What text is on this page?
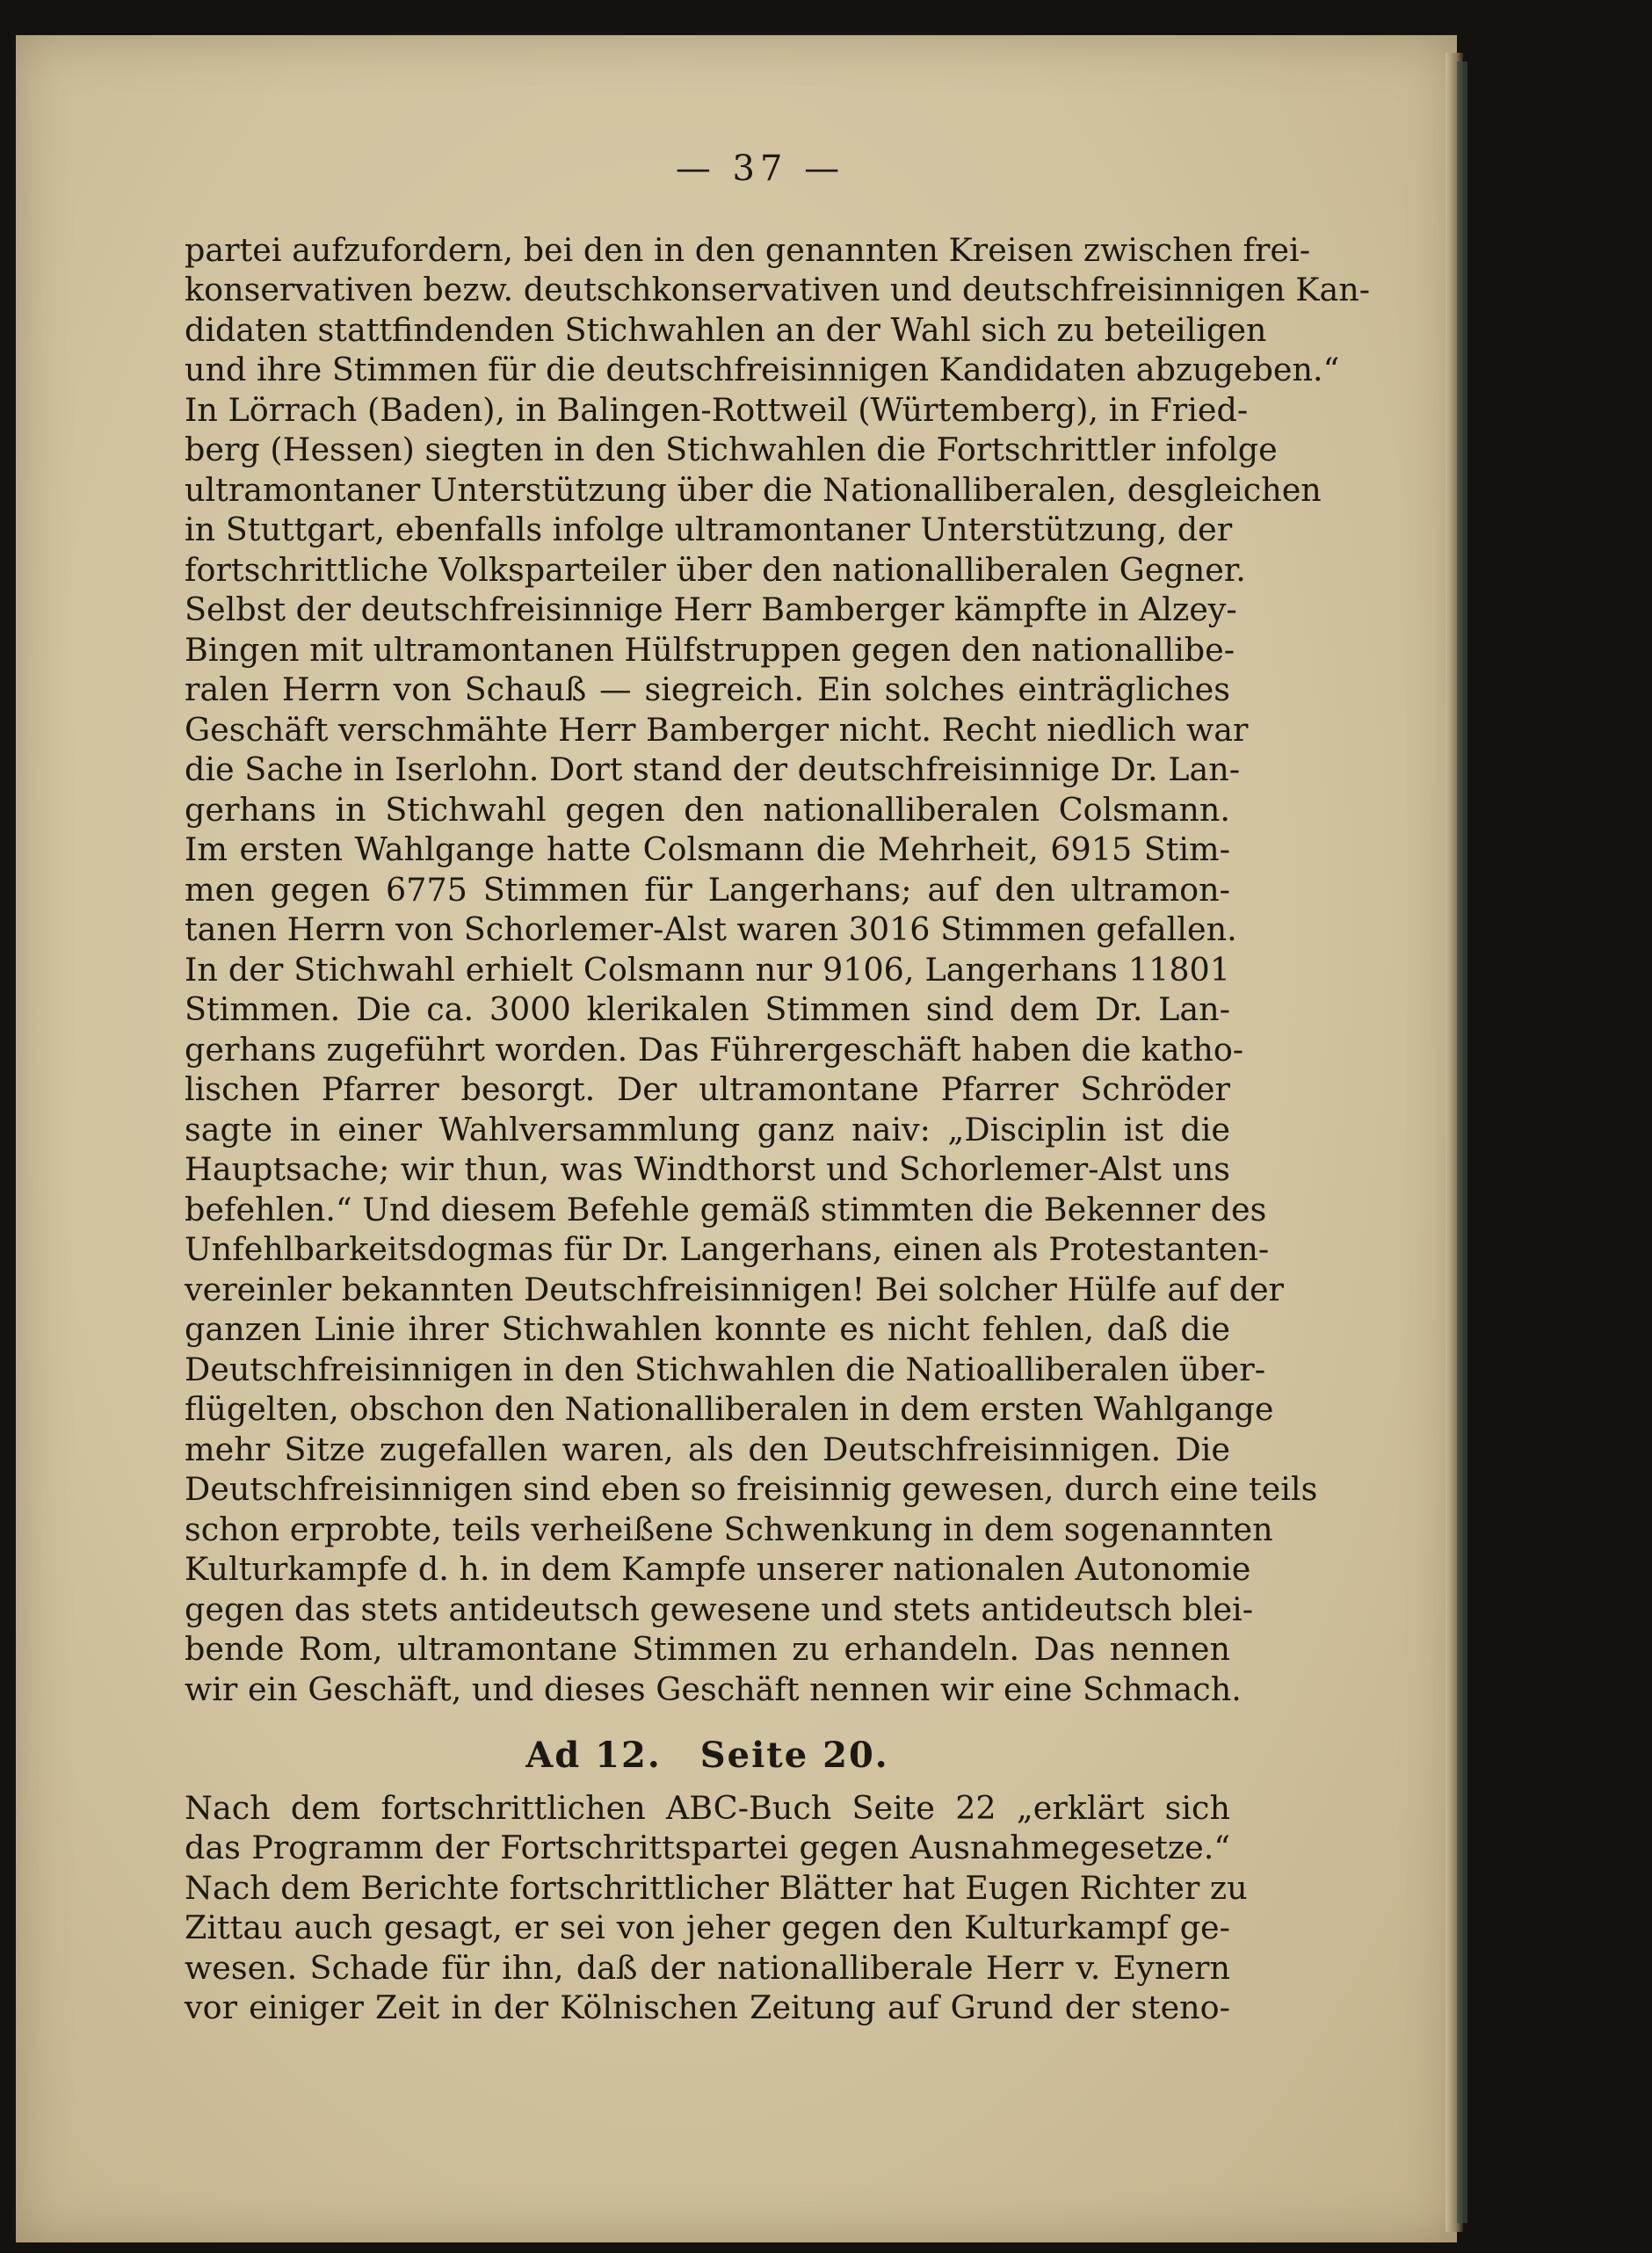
— 37 —
partei aufzufordern, bei den in den genannten Kreisen zwischen frei-
konservativen bezw. deutschkonservativen und deutschfreisinnigen Kan-
didaten stattfindenden Stichwahlen an der Wahl sich zu beteiligen
und ihre Stimmen für die deutschfreisinnigen Kandidaten abzugeben.“
In Lörrach (Baden), in Balingen-Rottweil (Würtemberg), in Fried-
berg (Hessen) siegten in den Stichwahlen die Fortschrittler infolge
ultramontaner Unterstützung über die Nationalliberalen, desgleichen
in Stuttgart, ebenfalls infolge ultramontaner Unterstützung, der
fortschrittliche Volksparteiler über den nationalliberalen Gegner.
Selbst der deutschfreisinnige Herr Bamberger kämpfte in Alzey-
Bingen mit ultramontanen Hülfstruppen gegen den nationallibe-
ralen Herrn von Schauß — siegreich. Ein solches einträgliches
Geschäft verschmähte Herr Bamberger nicht. Recht niedlich war
die Sache in Iserlohn. Dort stand der deutschfreisinnige Dr. Lan-
gerhans in Stichwahl gegen den nationalliberalen Colsmann.
Im ersten Wahlgange hatte Colsmann die Mehrheit, 6915 Stim-
men gegen 6775 Stimmen für Langerhans; auf den ultramon-
tanen Herrn von Schorlemer-Alst waren 3016 Stimmen gefallen.
In der Stichwahl erhielt Colsmann nur 9106, Langerhans 11801
Stimmen. Die ca. 3000 klerikalen Stimmen sind dem Dr. Lan-
gerhans zugeführt worden. Das Führergeschäft haben die katho-
lischen Pfarrer besorgt. Der ultramontane Pfarrer Schröder
sagte in einer Wahlversammlung ganz naiv: „Disciplin ist die
Hauptsache; wir thun, was Windthorst und Schorlemer-Alst uns
befehlen.“ Und diesem Befehle gemäß stimmten die Bekenner des
Unfehlbarkeitsdogmas für Dr. Langerhans, einen als Protestanten-
vereinler bekannten Deutschfreisinnigen! Bei solcher Hülfe auf der
ganzen Linie ihrer Stichwahlen konnte es nicht fehlen, daß die
Deutschfreisinnigen in den Stichwahlen die Natioalliberalen über-
flügelten, obschon den Nationalliberalen in dem ersten Wahlgange
mehr Sitze zugefallen waren, als den Deutschfreisinnigen. Die
Deutschfreisinnigen sind eben so freisinnig gewesen, durch eine teils
schon erprobte, teils verheißene Schwenkung in dem sogenannten
Kulturkampfe d. h. in dem Kampfe unserer nationalen Autonomie
gegen das stets antideutsch gewesene und stets antideutsch blei-
bende Rom, ultramontane Stimmen zu erhandeln. Das nennen
wir ein Geschäft, und dieses Geschäft nennen wir eine Schmach.
Ad 12. Seite 20.
Nach dem fortschrittlichen ABC-Buch Seite 22 „erklärt sich
das Programm der Fortschrittspartei gegen Ausnahmegesetze.“
Nach dem Berichte fortschrittlicher Blätter hat Eugen Richter zu
Zittau auch gesagt, er sei von jeher gegen den Kulturkampf ge-
wesen. Schade für ihn, daß der nationalliberale Herr v. Eynern
vor einiger Zeit in der Kölnischen Zeitung auf Grund der steno-
